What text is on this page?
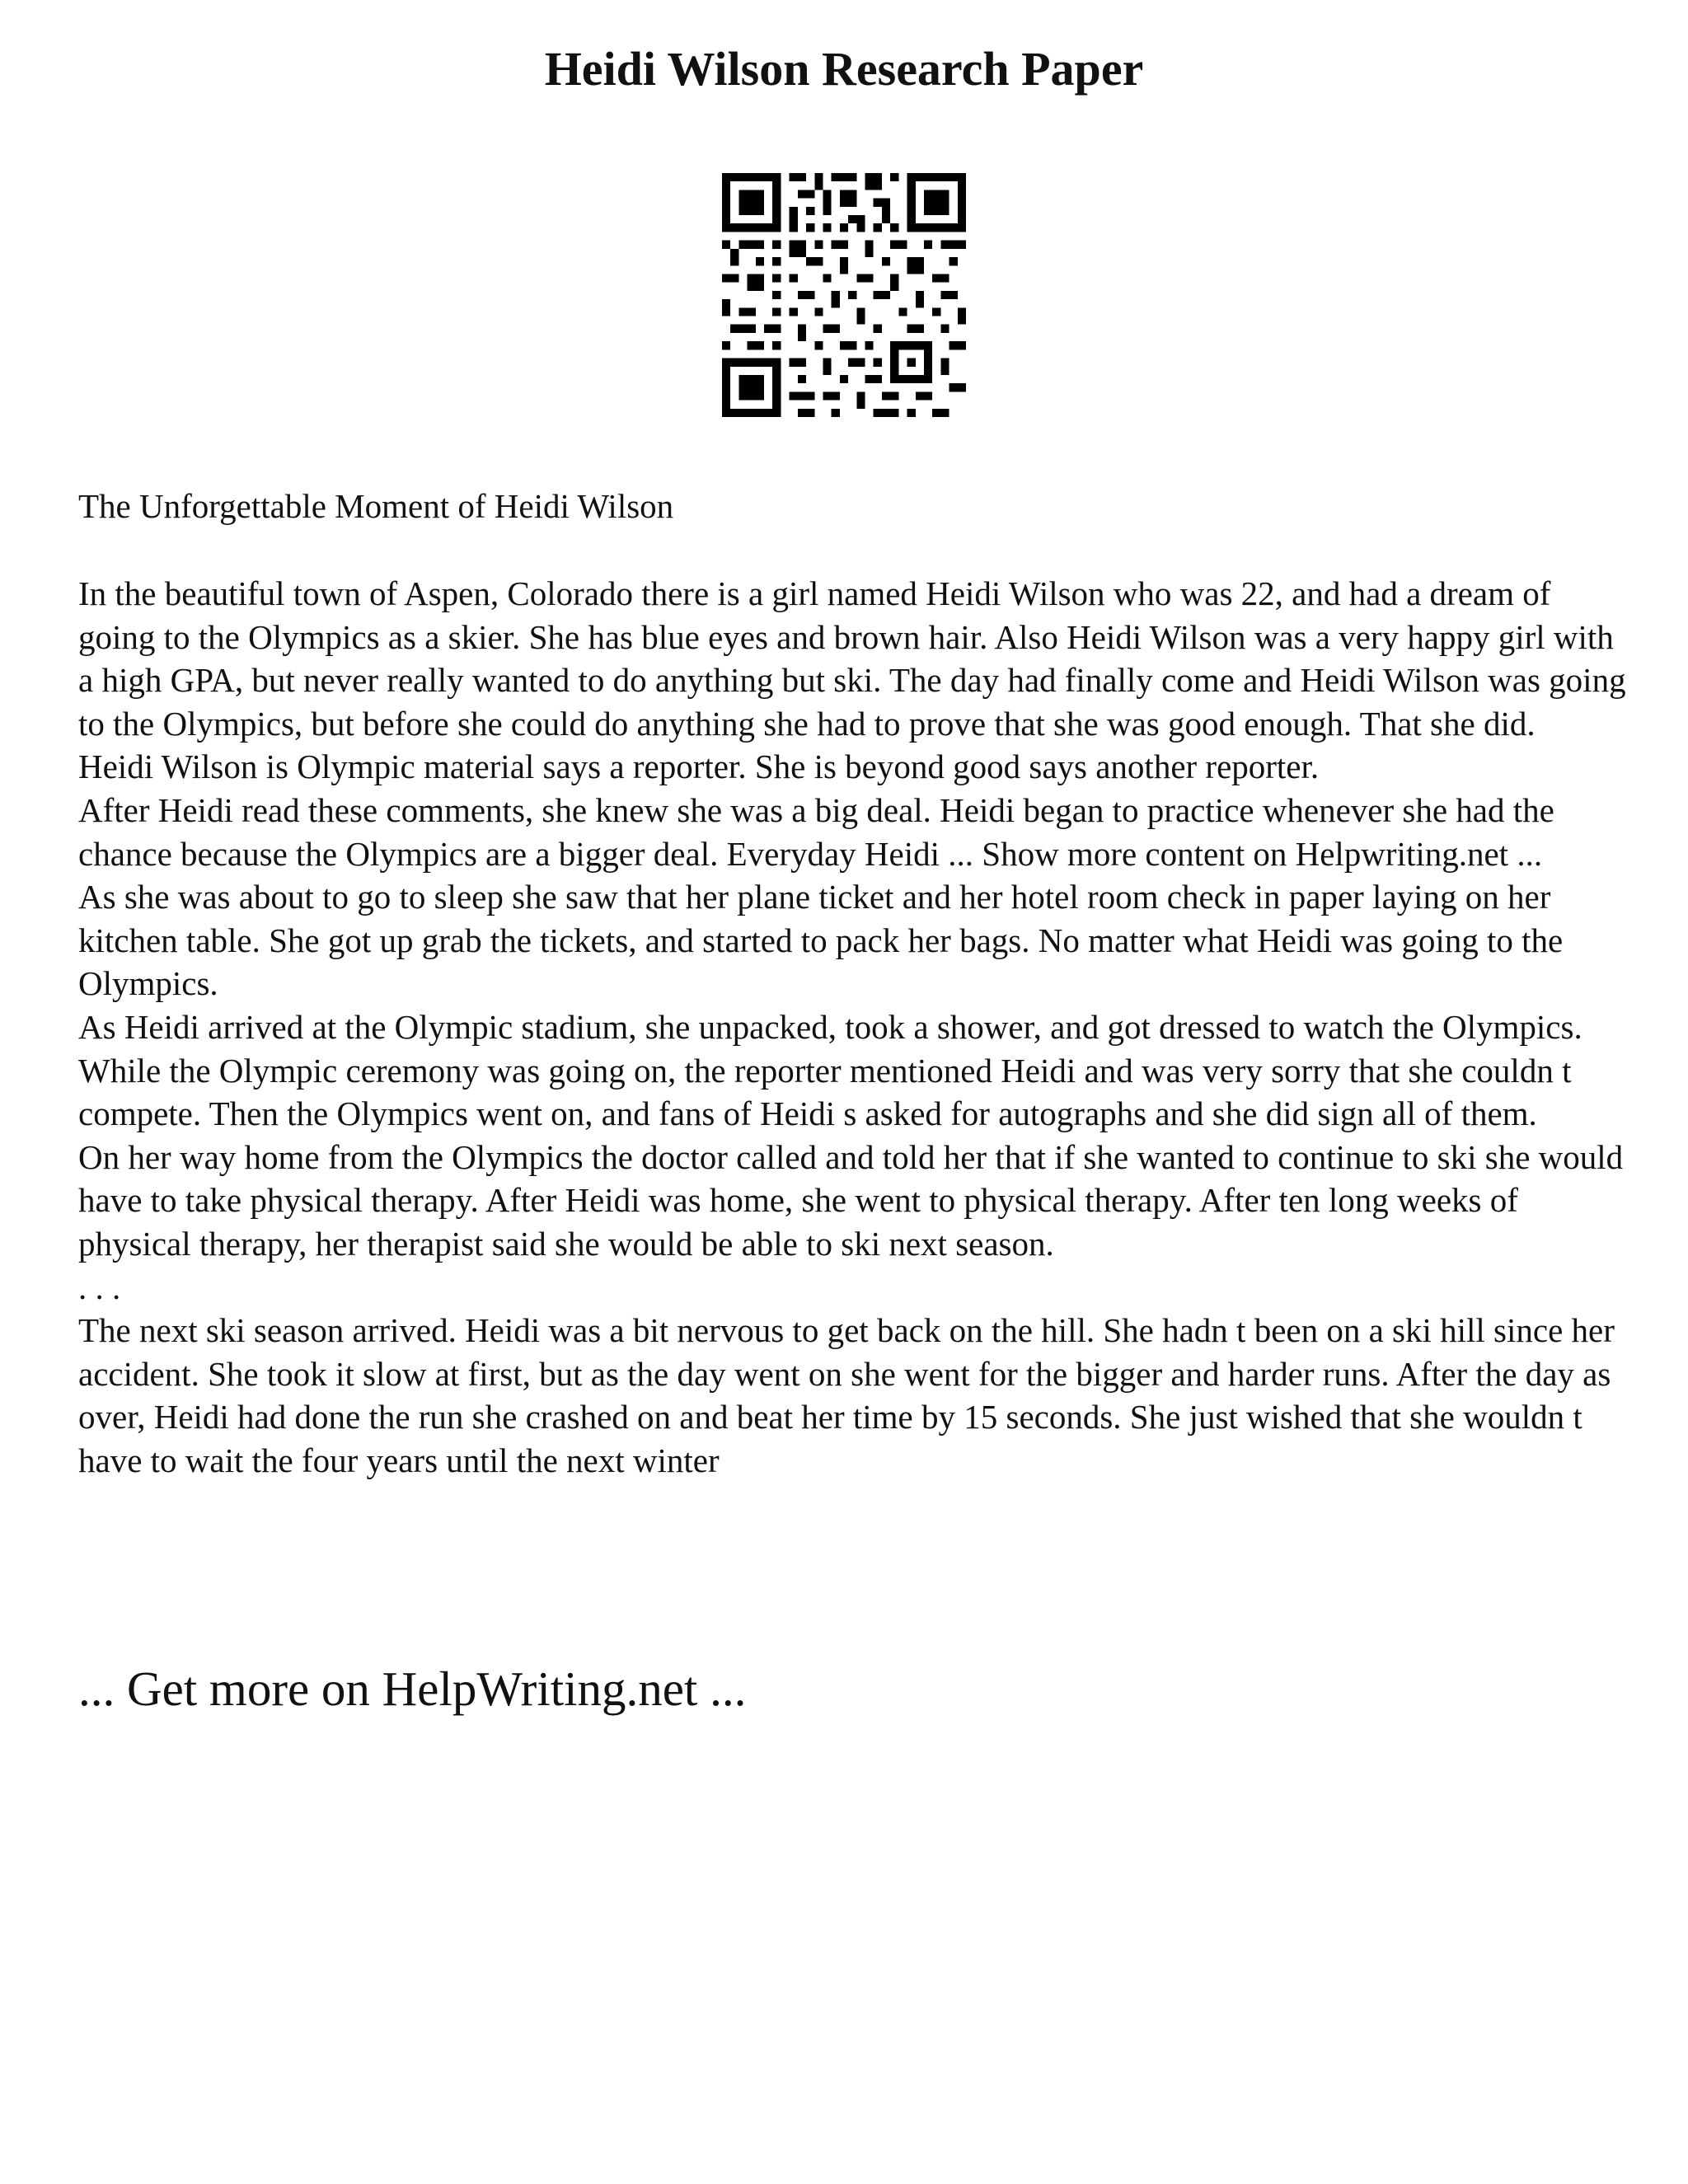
Heidi Wilson Research Paper

The Unforgettable Moment of Heidi Wilson

In the beautiful town of Aspen, Colorado there is a girl named Heidi Wilson who was 22, and had a dream of going to the Olympics as a skier. She has blue eyes and brown hair. Also Heidi Wilson was a very happy girl with a high GPA, but never really wanted to do anything but ski. The day had finally come and Heidi Wilson was going to the Olympics, but before she could do anything she had to prove that she was good enough. That she did.

Heidi Wilson is Olympic material says a reporter. She is beyond good says another reporter.

After Heidi read these comments, she knew she was a big deal. Heidi began to practice whenever she had the chance because the Olympics are a bigger deal. Everyday Heidi ... Show more content on Helpwriting.net ...

As she was about to go to sleep she saw that her plane ticket and her hotel room check in paper laying on her kitchen table. She got up grab the tickets, and started to pack her bags. No matter what Heidi was going to the Olympics.

As Heidi arrived at the Olympic stadium, she unpacked, took a shower, and got dressed to watch the Olympics. While the Olympic ceremony was going on, the reporter mentioned Heidi and was very sorry that she couldn t compete. Then the Olympics went on, and fans of Heidi s asked for autographs and she did sign all of them.

On her way home from the Olympics the doctor called and told her that if she wanted to continue to ski she would have to take physical therapy. After Heidi was home, she went to physical therapy. After ten long weeks of physical therapy, her therapist said she would be able to ski next season.

. . .

The next ski season arrived. Heidi was a bit nervous to get back on the hill. She hadn t been on a ski hill since her accident. She took it slow at first, but as the day went on she went for the bigger and harder runs. After the day as over, Heidi had done the run she crashed on and beat her time by 15 seconds. She just wished that she wouldn t have to wait the four years until the next winter

... Get more on HelpWriting.net ...
